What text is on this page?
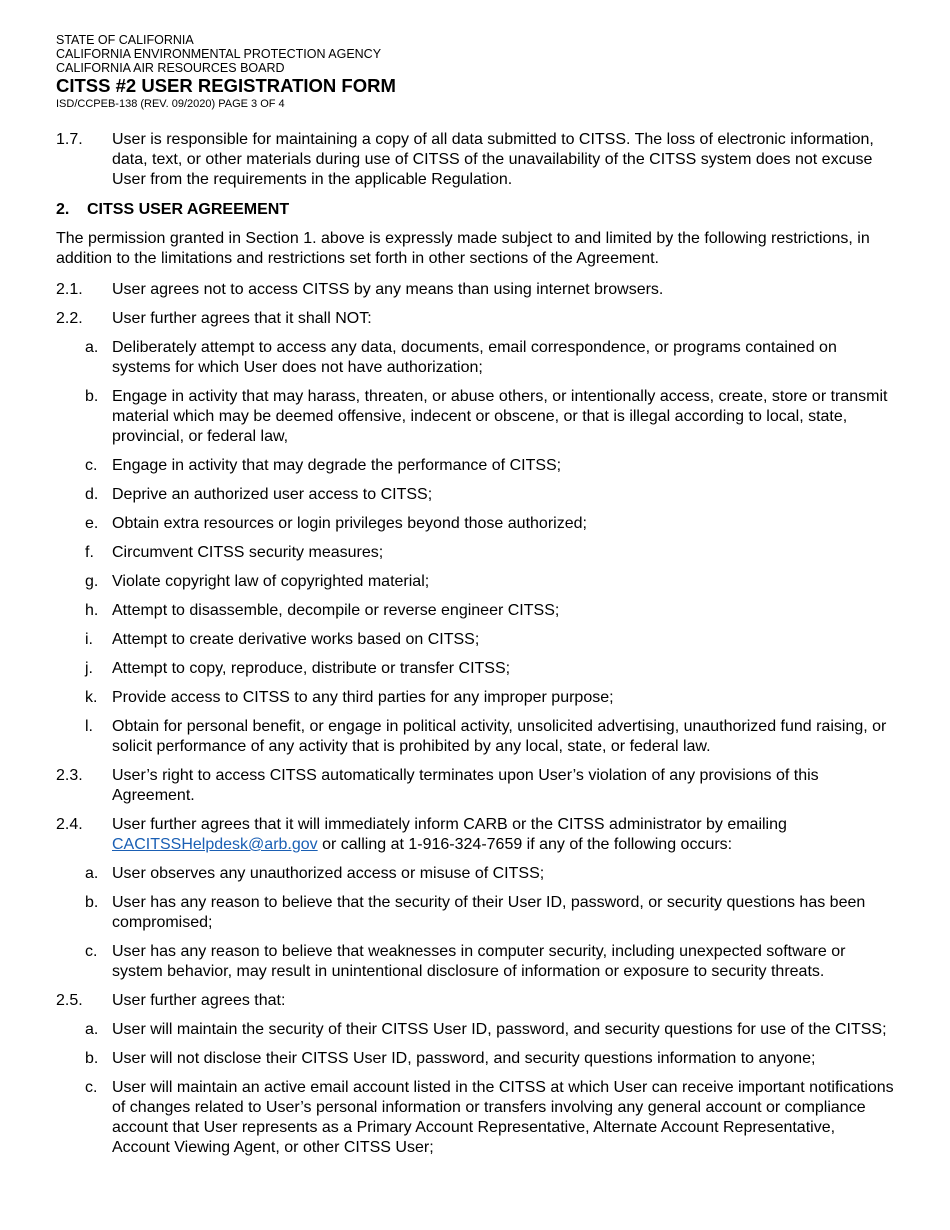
STATE OF CALIFORNIA
CALIFORNIA ENVIRONMENTAL PROTECTION AGENCY
CALIFORNIA AIR RESOURCES BOARD
CITSS #2 USER REGISTRATION FORM
ISD/CCPEB-138 (REV. 09/2020) PAGE 3 OF 4
1.7. User is responsible for maintaining a copy of all data submitted to CITSS. The loss of electronic information, data, text, or other materials during use of CITSS of the unavailability of the CITSS system does not excuse User from the requirements in the applicable Regulation.
2. CITSS USER AGREEMENT
The permission granted in Section 1. above is expressly made subject to and limited by the following restrictions, in addition to the limitations and restrictions set forth in other sections of the Agreement.
2.1. User agrees not to access CITSS by any means than using internet browsers.
2.2. User further agrees that it shall NOT:
a. Deliberately attempt to access any data, documents, email correspondence, or programs contained on systems for which User does not have authorization;
b. Engage in activity that may harass, threaten, or abuse others, or intentionally access, create, store or transmit material which may be deemed offensive, indecent or obscene, or that is illegal according to local, state, provincial, or federal law,
c. Engage in activity that may degrade the performance of CITSS;
d. Deprive an authorized user access to CITSS;
e. Obtain extra resources or login privileges beyond those authorized;
f. Circumvent CITSS security measures;
g. Violate copyright law of copyrighted material;
h. Attempt to disassemble, decompile or reverse engineer CITSS;
i. Attempt to create derivative works based on CITSS;
j. Attempt to copy, reproduce, distribute or transfer CITSS;
k. Provide access to CITSS to any third parties for any improper purpose;
l. Obtain for personal benefit, or engage in political activity, unsolicited advertising, unauthorized fund raising, or solicit performance of any activity that is prohibited by any local, state, or federal law.
2.3. User’s right to access CITSS automatically terminates upon User’s violation of any provisions of this Agreement.
2.4. User further agrees that it will immediately inform CARB or the CITSS administrator by emailing CACITSSHelpdesk@arb.gov or calling at 1-916-324-7659 if any of the following occurs:
a. User observes any unauthorized access or misuse of CITSS;
b. User has any reason to believe that the security of their User ID, password, or security questions has been compromised;
c. User has any reason to believe that weaknesses in computer security, including unexpected software or system behavior, may result in unintentional disclosure of information or exposure to security threats.
2.5. User further agrees that:
a. User will maintain the security of their CITSS User ID, password, and security questions for use of the CITSS;
b. User will not disclose their CITSS User ID, password, and security questions information to anyone;
c. User will maintain an active email account listed in the CITSS at which User can receive important notifications of changes related to User’s personal information or transfers involving any general account or compliance account that User represents as a Primary Account Representative, Alternate Account Representative, Account Viewing Agent, or other CITSS User;
